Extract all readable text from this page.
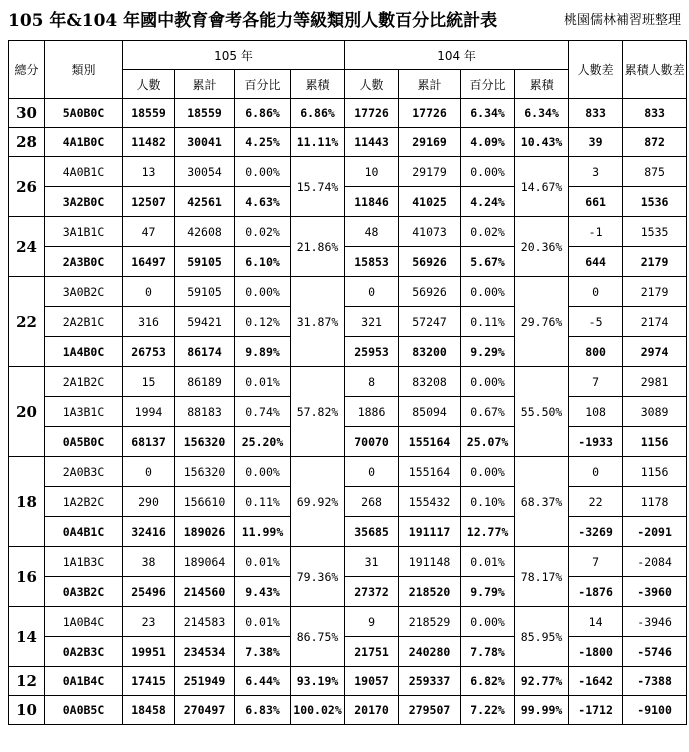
105 年&104 年國中教育會考各能力等級類別人數百分比統計表	桃園儒林補習班整理
總分	類別	105 年				104 年				人數差	累積人數差
		人數	累計	百分比	累積	人數	累計	百分比	累積		
30	5A0B0C	18559	18559	6.86%	6.86%	17726	17726	6.34%	6.34%	833	833
28	4A1B0C	11482	30041	4.25%	11.11%	11443	29169	4.09%	10.43%	39	872
26	4A0B1C	13	30054	0.00%	15.74%	10	29179	0.00%	14.67%	3	875
	3A2B0C	12507	42561	4.63%		11846	41025	4.24%		661	1536
24	3A1B1C	47	42608	0.02%	21.86%	48	41073	0.02%	20.36%	-1	1535
	2A3B0C	16497	59105	6.10%		15853	56926	5.67%		644	2179
22	3A0B2C	0	59105	0.00%	31.87%	0	56926	0.00%	29.76%	0	2179
	2A2B1C	316	59421	0.12%		321	57247	0.11%		-5	2174
	1A4B0C	26753	86174	9.89%		25953	83200	9.29%		800	2974
20	2A1B2C	15	86189	0.01%	57.82%	8	83208	0.00%	55.50%	7	2981
	1A3B1C	1994	88183	0.74%		1886	85094	0.67%		108	3089
	0A5B0C	68137	156320	25.20%		70070	155164	25.07%		-1933	1156
18	2A0B3C	0	156320	0.00%	69.92%	0	155164	0.00%	68.37%	0	1156
	1A2B2C	290	156610	0.11%		268	155432	0.10%		22	1178
	0A4B1C	32416	189026	11.99%		35685	191117	12.77%		-3269	-2091
16	1A1B3C	38	189064	0.01%	79.36%	31	191148	0.01%	78.17%	7	-2084
	0A3B2C	25496	214560	9.43%		27372	218520	9.79%		-1876	-3960
14	1A0B4C	23	214583	0.01%	86.75%	9	218529	0.00%	85.95%	14	-3946
	0A2B3C	19951	234534	7.38%		21751	240280	7.78%		-1800	-5746
12	0A1B4C	17415	251949	6.44%	93.19%	19057	259337	6.82%	92.77%	-1642	-7388
10	0A0B5C	18458	270497	6.83%	100.02%	20170	279507	7.22%	99.99%	-1712	-9100
